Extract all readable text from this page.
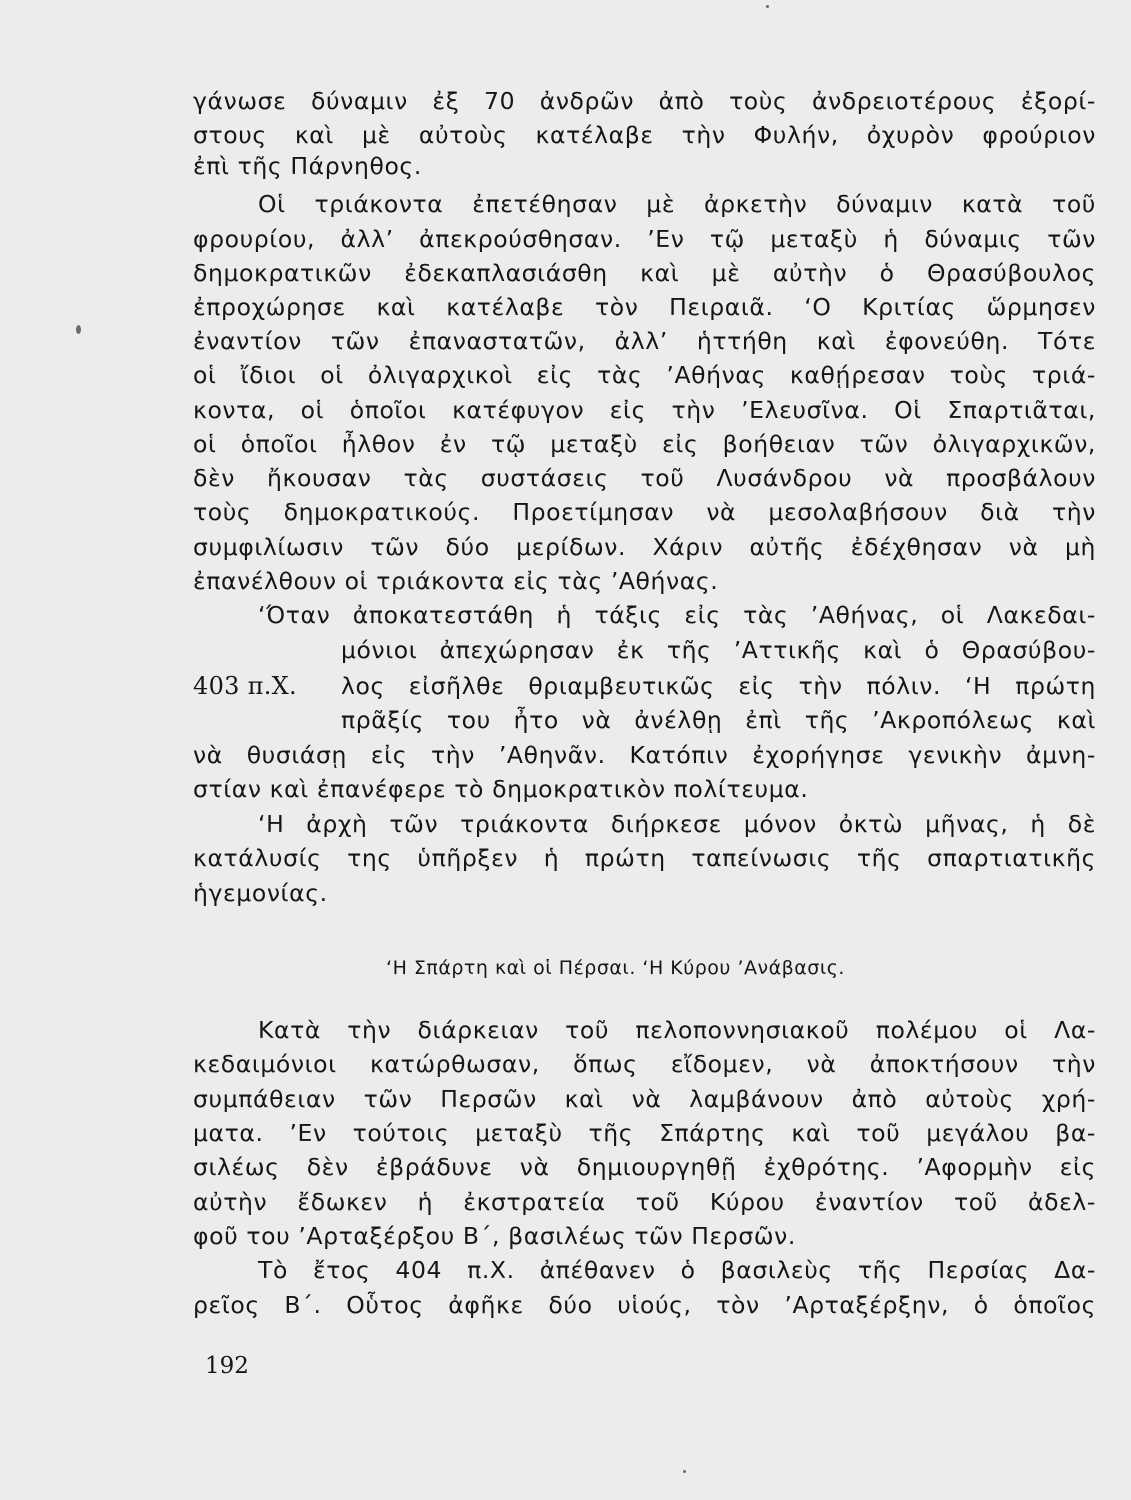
γάνωσε δύναμιν ἐξ 70 ἀνδρῶν ἀπὸ τοὺς ἀνδρειοτέρους ἐξορί-
στους καὶ μὲ αὐτοὺς κατέλαβε τὴν Φυλήν, ὀχυρὸν φρούριον
ἐπὶ τῆς Πάρνηθος.
Οἱ τριάκοντα ἐπετέθησαν μὲ ἀρκετὴν δύναμιν κατὰ τοῦ
φρουρίου, ἀλλ’ ἀπεκρούσθησαν. ’Εν τῷ μεταξὺ ἡ δύναμις τῶν
δημοκρατικῶν ἐδεκαπλασιάσθη καὶ μὲ αὐτὴν ὁ Θρασύβουλος
ἐπροχώρησε καὶ κατέλαβε τὸν Πειραιᾶ. ‘Ο Κριτίας ὥρμησεν
ἐναντίον τῶν ἐπαναστατῶν, ἀλλ’ ἡττήθη καὶ ἐφονεύθη. Τότε
οἱ ἴδιοι οἱ ὀλιγαρχικοὶ εἰς τὰς ’Αθήνας καθῄρεσαν τοὺς τριά-
κοντα, οἱ ὁποῖοι κατέφυγον εἰς τὴν ’Ελευσῖνα. Οἱ Σπαρτιᾶται,
οἱ ὁποῖοι ἦλθον ἐν τῷ μεταξὺ εἰς βοήθειαν τῶν ὀλιγαρχικῶν,
δὲν ἤκουσαν τὰς συστάσεις τοῦ Λυσάνδρου νὰ προσβάλουν
τοὺς δημοκρατικούς. Προετίμησαν νὰ μεσολαβήσουν διὰ τὴν
συμφιλίωσιν τῶν δύο μερίδων. Χάριν αὐτῆς ἐδέχθησαν νὰ μὴ
ἐπανέλθουν οἱ τριάκοντα εἰς τὰς ’Αθήνας.
‘Όταν ἀποκατεστάθη ἡ τάξις εἰς τὰς ’Αθήνας, οἱ Λακεδαι-
403 π.Χ.
μόνιοι ἀπεχώρησαν ἐκ τῆς ’Αττικῆς καὶ ὁ Θρασύβου-
λος εἰσῆλθε θριαμβευτικῶς εἰς τὴν πόλιν. ‘Η πρώτη
πρᾶξίς του ἦτο νὰ ἀνέλθῃ ἐπὶ τῆς ’Ακροπόλεως καὶ
νὰ θυσιάσῃ εἰς τὴν ’Αθηνᾶν. Κατόπιν ἐχορήγησε γενικὴν ἀμνη-
στίαν καὶ ἐπανέφερε τὸ δημοκρατικὸν πολίτευμα.
‘Η ἀρχὴ τῶν τριάκοντα διήρκεσε μόνον ὀκτὼ μῆνας, ἡ δὲ
κατάλυσίς της ὑπῆρξεν ἡ πρώτη ταπείνωσις τῆς σπαρτιατικῆς
ἡγεμονίας.
‘Η Σπάρτη καὶ οἱ Πέρσαι. ‘Η Κύρου ’Ανάβασις.
Κατὰ τὴν διάρκειαν τοῦ πελοποννησιακοῦ πολέμου οἱ Λα-
κεδαιμόνιοι κατώρθωσαν, ὅπως εἴδομεν, νὰ ἀποκτήσουν τὴν
συμπάθειαν τῶν Περσῶν καὶ νὰ λαμβάνουν ἀπὸ αὐτοὺς χρή-
ματα. ’Εν τούτοις μεταξὺ τῆς Σπάρτης καὶ τοῦ μεγάλου βα-
σιλέως δὲν ἐβράδυνε νὰ δημιουργηθῇ ἐχθρότης. ’Αφορμὴν εἰς
αὐτὴν ἔδωκεν ἡ ἐκστρατεία τοῦ Κύρου ἐναντίον τοῦ ἀδελ-
φοῦ του ’Αρταξέρξου Β΄, βασιλέως τῶν Περσῶν.
Τὸ ἔτος 404 π.Χ. ἀπέθανεν ὁ βασιλεὺς τῆς Περσίας Δα-
ρεῖος Β΄. Οὗτος ἀφῆκε δύο υἱούς, τὸν ’Αρταξέρξην, ὁ ὁποῖος
192
